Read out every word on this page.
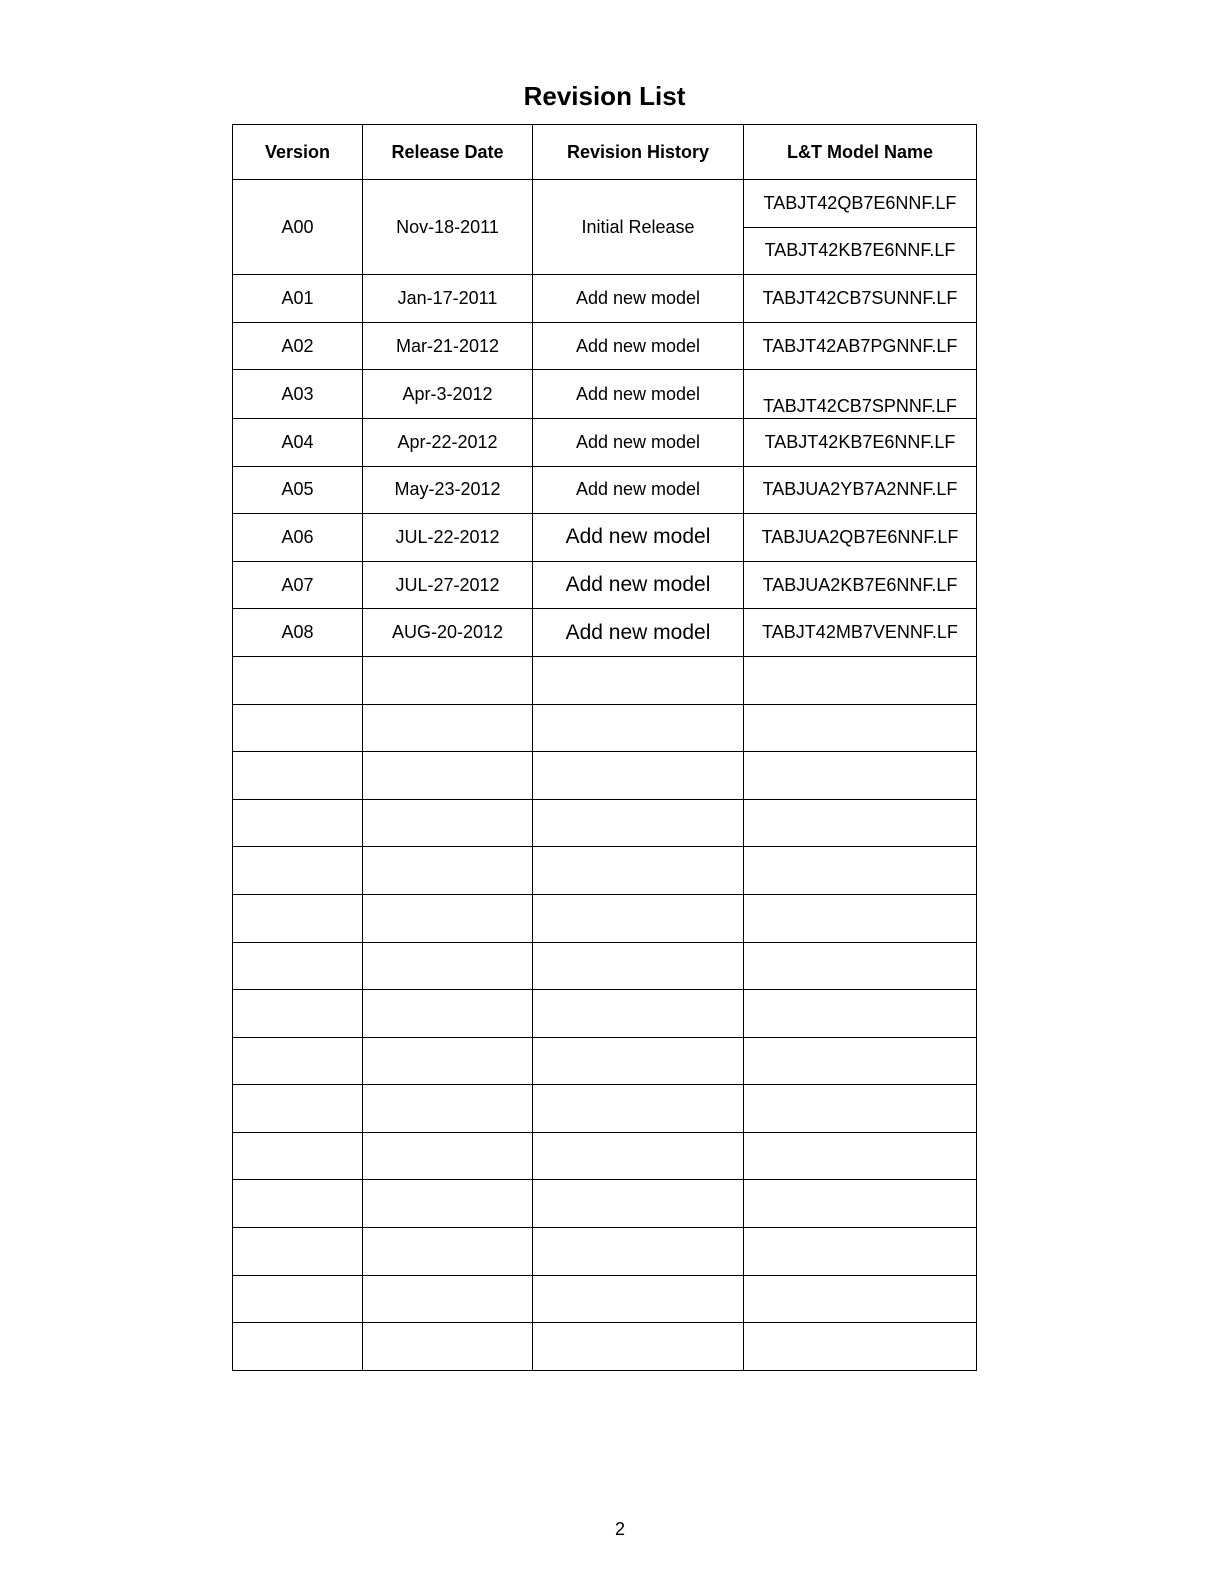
Revision List
Version	Release Date	Revision History	L&T Model Name
A00	Nov-18-2011	Initial Release	TABJT42QB7E6NNF.LF
			TABJT42KB7E6NNF.LF
A01	Jan-17-2011	Add new model	TABJT42CB7SUNNF.LF
A02	Mar-21-2012	Add new model	TABJT42AB7PGNNF.LF
A03	Apr-3-2012	Add new model	TABJT42CB7SPNNF.LF
A04	Apr-22-2012	Add new model	TABJT42KB7E6NNF.LF
A05	May-23-2012	Add new model	TABJUA2YB7A2NNF.LF
A06	JUL-22-2012	Add new model	TABJUA2QB7E6NNF.LF
A07	JUL-27-2012	Add new model	TABJUA2KB7E6NNF.LF
A08	AUG-20-2012	Add new model	TABJT42MB7VENNF.LF

2
